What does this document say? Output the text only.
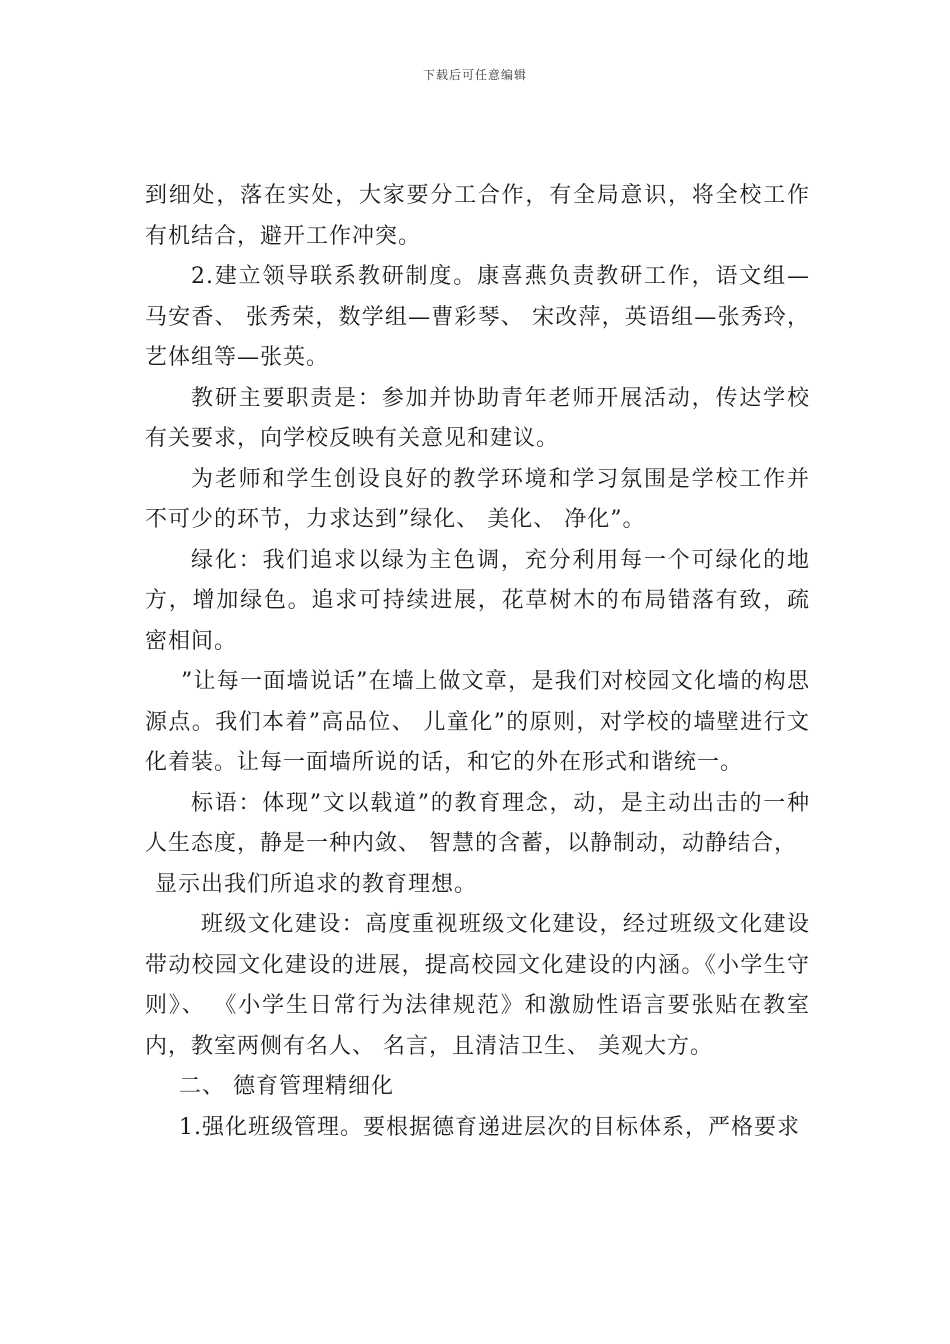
下载后可任意编辑

到细处，落在实处，大家要分工合作，有全局意识，将全校工作有机结合，避开工作冲突。

2.建立领导联系教研制度。康喜燕负责教研工作，语文组—马安香、 张秀荣，数学组—曹彩琴、 宋改萍，英语组—张秀玲，艺体组等—张英。

教研主要职责是：参加并协助青年老师开展活动，传达学校有关要求，向学校反映有关意见和建议。

为老师和学生创设良好的教学环境和学习氛围是学校工作并不可少的环节，力求达到”绿化、 美化、 净化”。

绿化：我们追求以绿为主色调，充分利用每一个可绿化的地方，增加绿色。追求可持续进展，花草树木的布局错落有致，疏密相间。

”让每一面墙说话”在墙上做文章，是我们对校园文化墙的构思源点。我们本着”高品位、 儿童化”的原则，对学校的墙壁进行文化着装。让每一面墙所说的话，和它的外在形式和谐统一。

标语：体现”文以载道”的教育理念，动，是主动出击的一种人生态度，静是一种内敛、 智慧的含蓄，以静制动，动静结合，

显示出我们所追求的教育理想。

班级文化建设：高度重视班级文化建设，经过班级文化建设带动校园文化建设的进展，提高校园文化建设的内涵。《小学生守则》、 《小学生日常行为法律规范》和激励性语言要张贴在教室内，教室两侧有名人、 名言，且清洁卫生、 美观大方。

二、 德育管理精细化

1.强化班级管理。要根据德育递进层次的目标体系，严格要求
